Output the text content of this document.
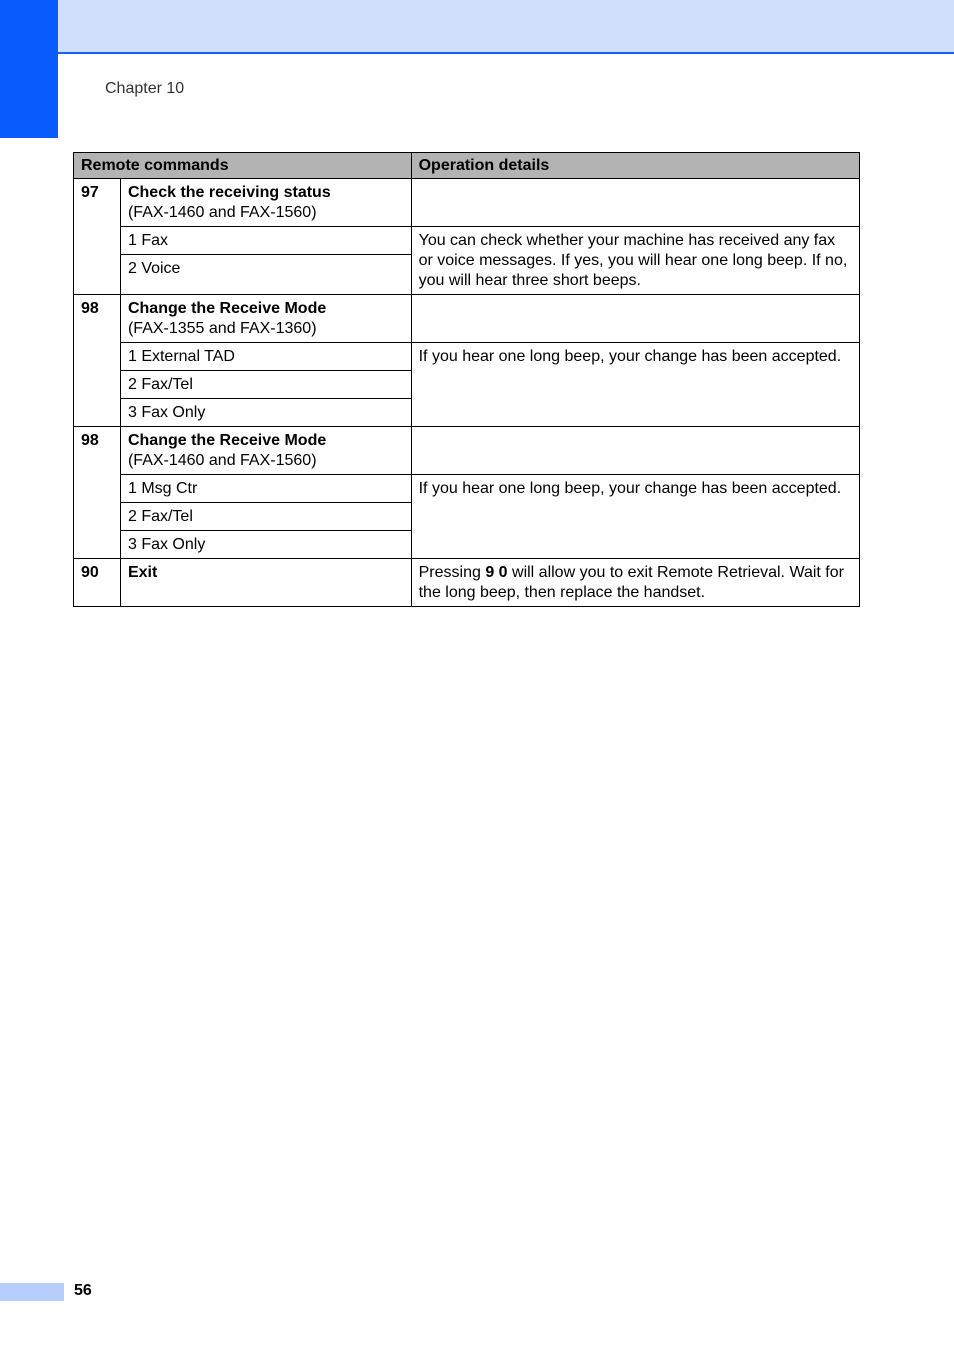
Chapter 10
Remote commands		Operation details
97	Check the receiving status
(FAX-1460 and FAX-1560)	

	1 Fax	You can check whether your machine has received any fax or voice messages. If yes, you will hear one long beep. If no, you will hear three short beeps.
	2 Voice	
98	Change the Receive Mode
(FAX-1355 and FAX-1360)	

	1 External TAD	If you hear one long beep, your change has been accepted.
	2 Fax/Tel	
	3 Fax Only	
98	Change the Receive Mode
(FAX-1460 and FAX-1560)	

	1 Msg Ctr	If you hear one long beep, your change has been accepted.
	2 Fax/Tel	
	3 Fax Only	
90	Exit	Pressing 9 0 will allow you to exit Remote Retrieval. Wait for the long beep, then replace the handset.
56
